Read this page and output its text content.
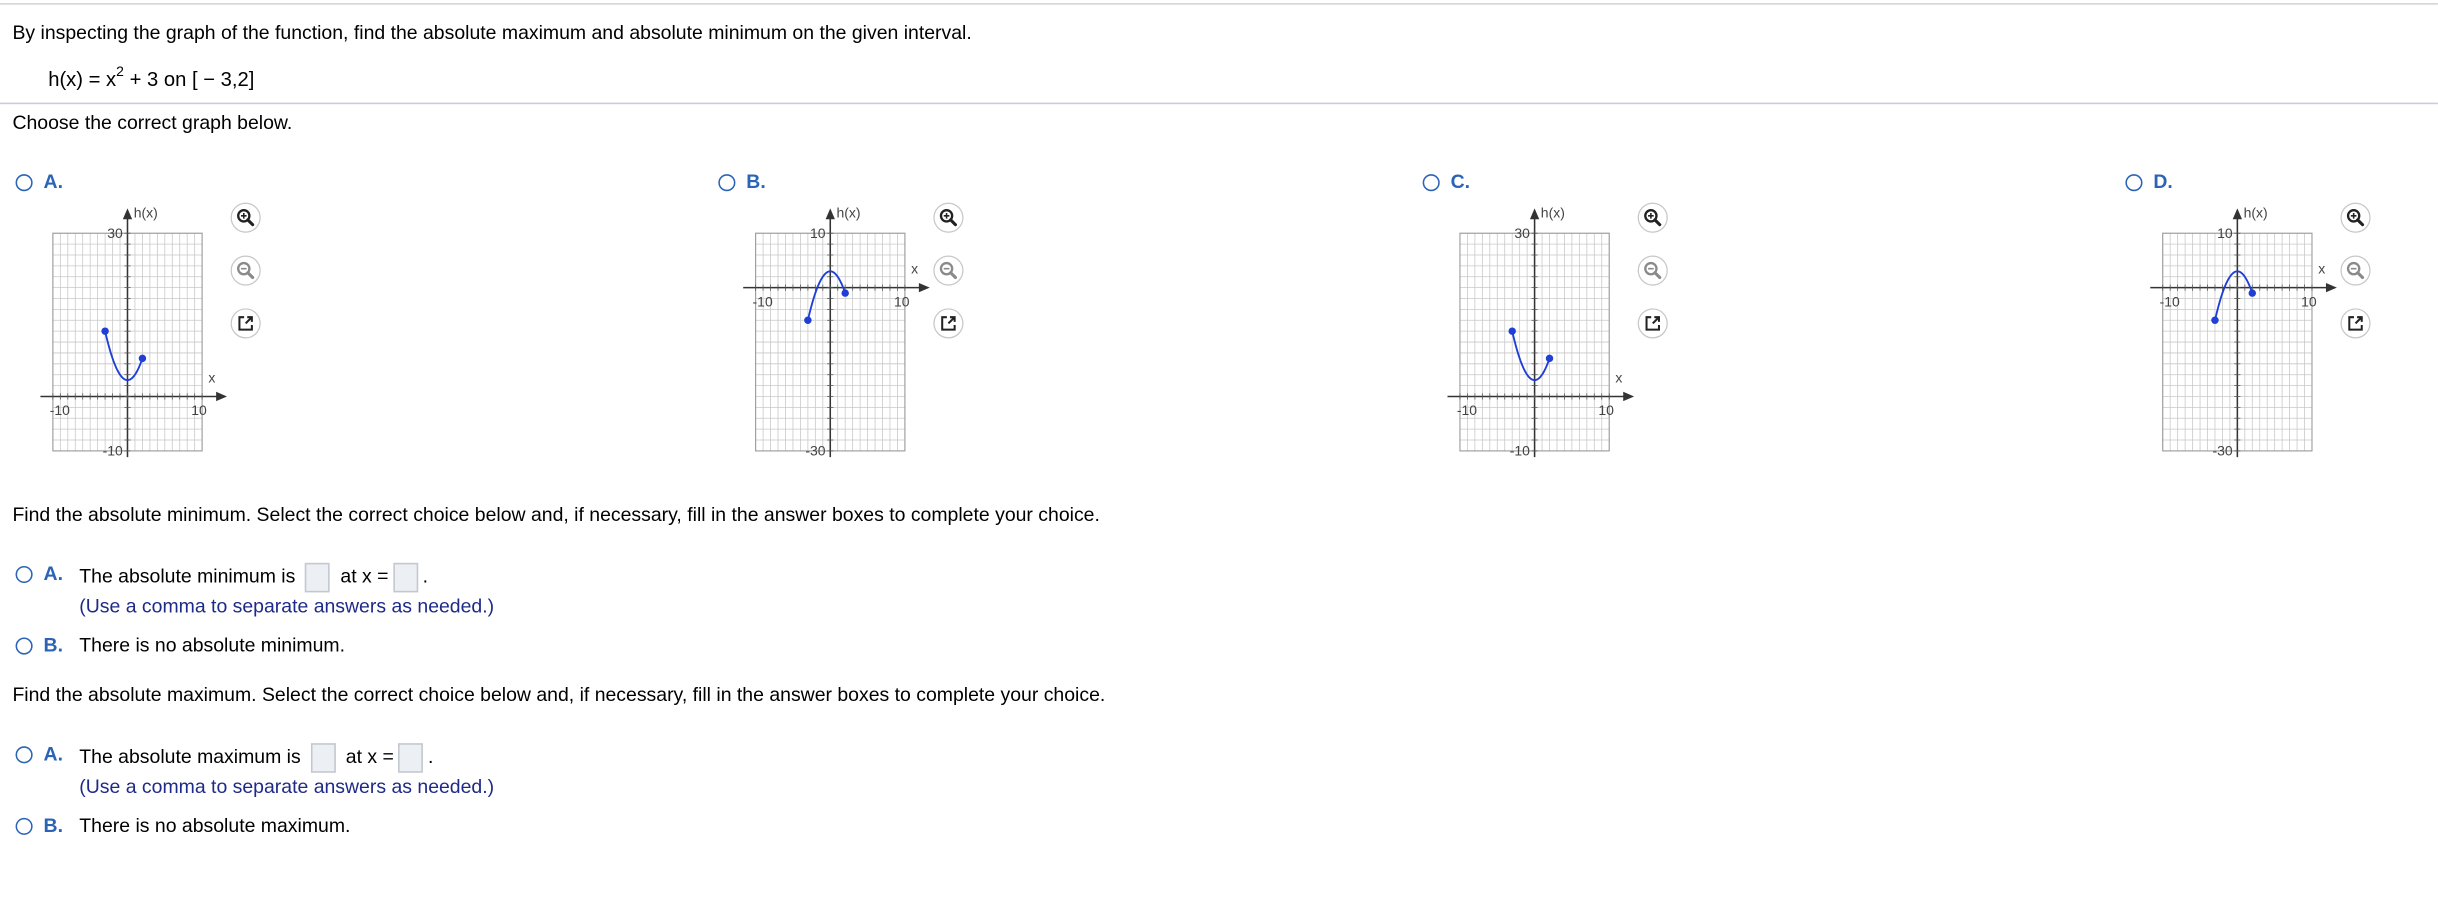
By inspecting the graph of the function, find the absolute maximum and absolute minimum on the given interval.
$h(x) = x^2 + 3$ on [ − 3,2]
Choose the correct graph below.
A.
h(x)
x
30
-10
-10	10
B.
h(x)
x
10
-30
-10	10
C.
h(x)
x
30
-10
-10	10
D.
h(x)
x
10
-30
-10	10
Find the absolute minimum. Select the correct choice below and, if necessary, fill in the answer boxes to complete your choice.
A. The absolute minimum is	at x =	.
(Use a comma to separate answers as needed.)
B. There is no absolute minimum.
Find the absolute maximum. Select the correct choice below and, if necessary, fill in the answer boxes to complete your choice.
A. The absolute maximum is	at x =	.
(Use a comma to separate answers as needed.)
B. There is no absolute maximum.
